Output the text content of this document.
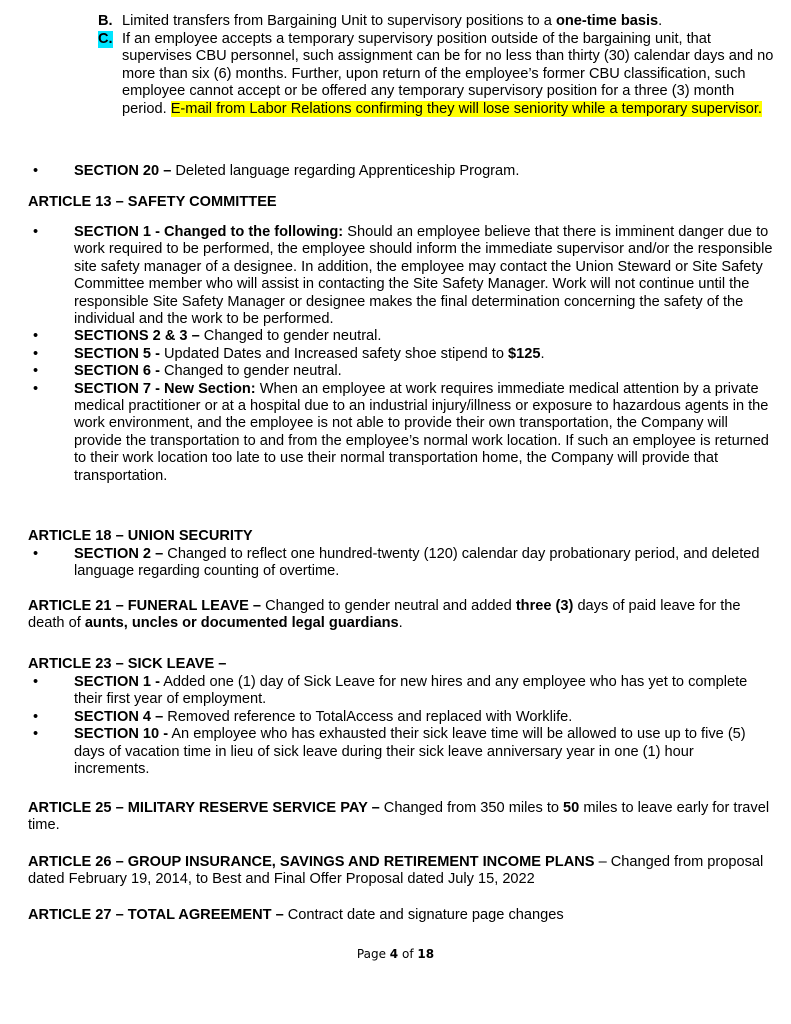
B. Limited transfers from Bargaining Unit to supervisory positions to a one-time basis.
C. If an employee accepts a temporary supervisory position outside of the bargaining unit, that supervises CBU personnel, such assignment can be for no less than thirty (30) calendar days and no more than six (6) months. Further, upon return of the employee’s former CBU classification, such employee cannot accept or be offered any temporary supervisory position for a three (3) month period. E-mail from Labor Relations confirming they will lose seniority while a temporary supervisor.
• SECTION 20 – Deleted language regarding Apprenticeship Program.
ARTICLE 13 – SAFETY COMMITTEE
• SECTION 1 - Changed to the following: Should an employee believe that there is imminent danger due to work required to be performed, the employee should inform the immediate supervisor and/or the responsible site safety manager of a designee. In addition, the employee may contact the Union Steward or Site Safety Committee member who will assist in contacting the Site Safety Manager. Work will not continue until the responsible Site Safety Manager or designee makes the final determination concerning the safety of the individual and the work to be performed.
• SECTIONS 2 & 3 – Changed to gender neutral.
• SECTION 5 - Updated Dates and Increased safety shoe stipend to $125.
• SECTION 6 - Changed to gender neutral.
• SECTION 7 - New Section: When an employee at work requires immediate medical attention by a private medical practitioner or at a hospital due to an industrial injury/illness or exposure to hazardous agents in the work environment, and the employee is not able to provide their own transportation, the Company will provide the transportation to and from the employee’s normal work location. If such an employee is returned to their work location too late to use their normal transportation home, the Company will provide that transportation.
ARTICLE 18 – UNION SECURITY
• SECTION 2 – Changed to reflect one hundred-twenty (120) calendar day probationary period, and deleted language regarding counting of overtime.
ARTICLE 21 – FUNERAL LEAVE – Changed to gender neutral and added three (3) days of paid leave for the death of aunts, uncles or documented legal guardians.
ARTICLE 23 – SICK LEAVE –
• SECTION 1 - Added one (1) day of Sick Leave for new hires and any employee who has yet to complete their first year of employment.
• SECTION 4 – Removed reference to TotalAccess and replaced with Worklife.
• SECTION 10 - An employee who has exhausted their sick leave time will be allowed to use up to five (5) days of vacation time in lieu of sick leave during their sick leave anniversary year in one (1) hour increments.
ARTICLE 25 – MILITARY RESERVE SERVICE PAY – Changed from 350 miles to 50 miles to leave early for travel time.
ARTICLE 26 – GROUP INSURANCE, SAVINGS AND RETIREMENT INCOME PLANS – Changed from proposal dated February 19, 2014, to Best and Final Offer Proposal dated July 15, 2022
ARTICLE 27 – TOTAL AGREEMENT – Contract date and signature page changes
Page 4 of 18
